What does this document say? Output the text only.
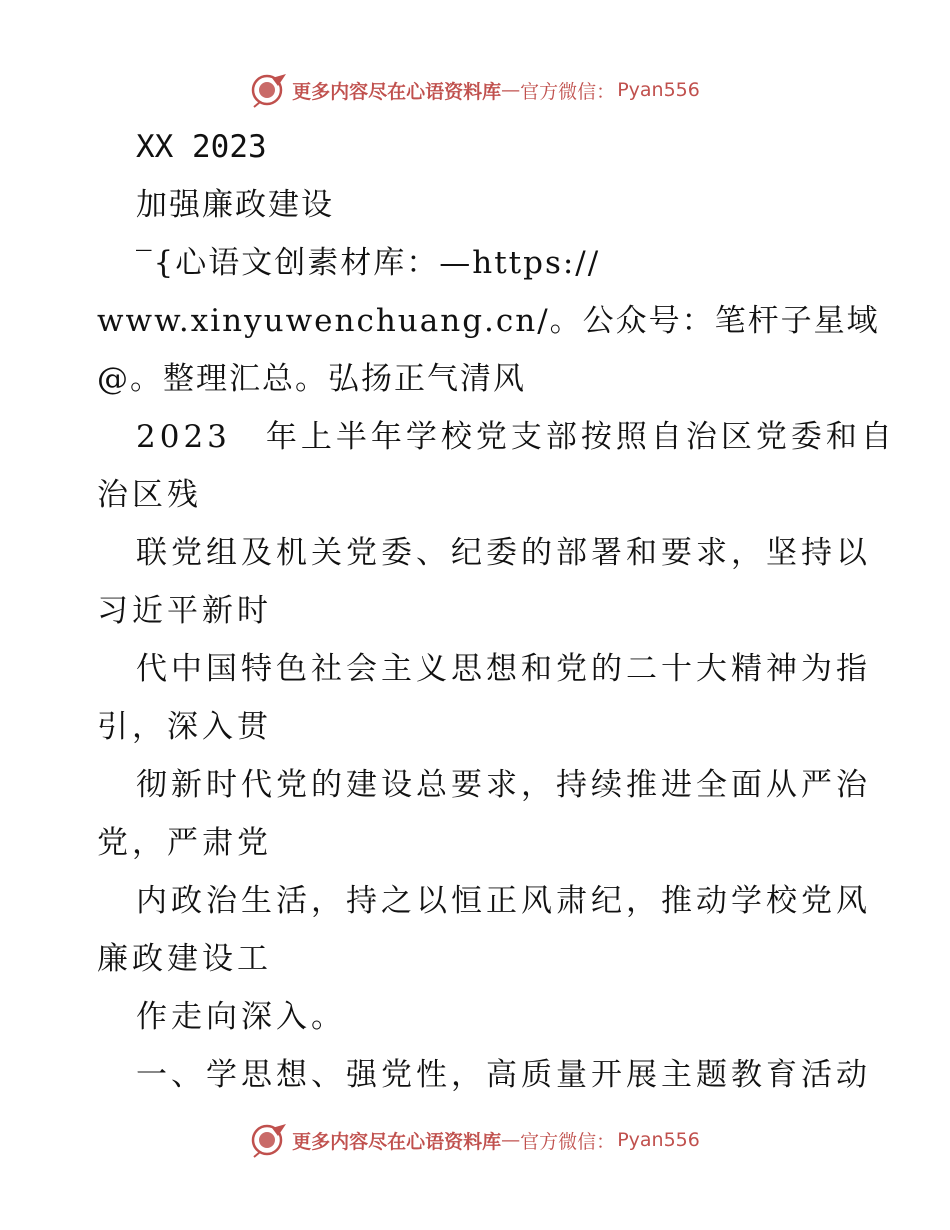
更多内容尽在心语资料库 — 官方微信： Pyan556
XX 2023
加强廉政建设
‾{心语文创素材库：—https://
www.xinyuwenchuang.cn/。公众号：笔杆子星域
@。整理汇总。弘扬正气清风
2023　年上半年学校党支部按照自治区党委和自
治区残
联党组及机关党委、纪委的部署和要求，坚持以
习近平新时
代中国特色社会主义思想和党的二十大精神为指
引，深入贯
彻新时代党的建设总要求，持续推进全面从严治
党，严肃党
内政治生活，持之以恒正风肃纪，推动学校党风
廉政建设工
作走向深入。
一、学思想、强党性，高质量开展主题教育活动
更多内容尽在心语资料库 — 官方微信： Pyan556
